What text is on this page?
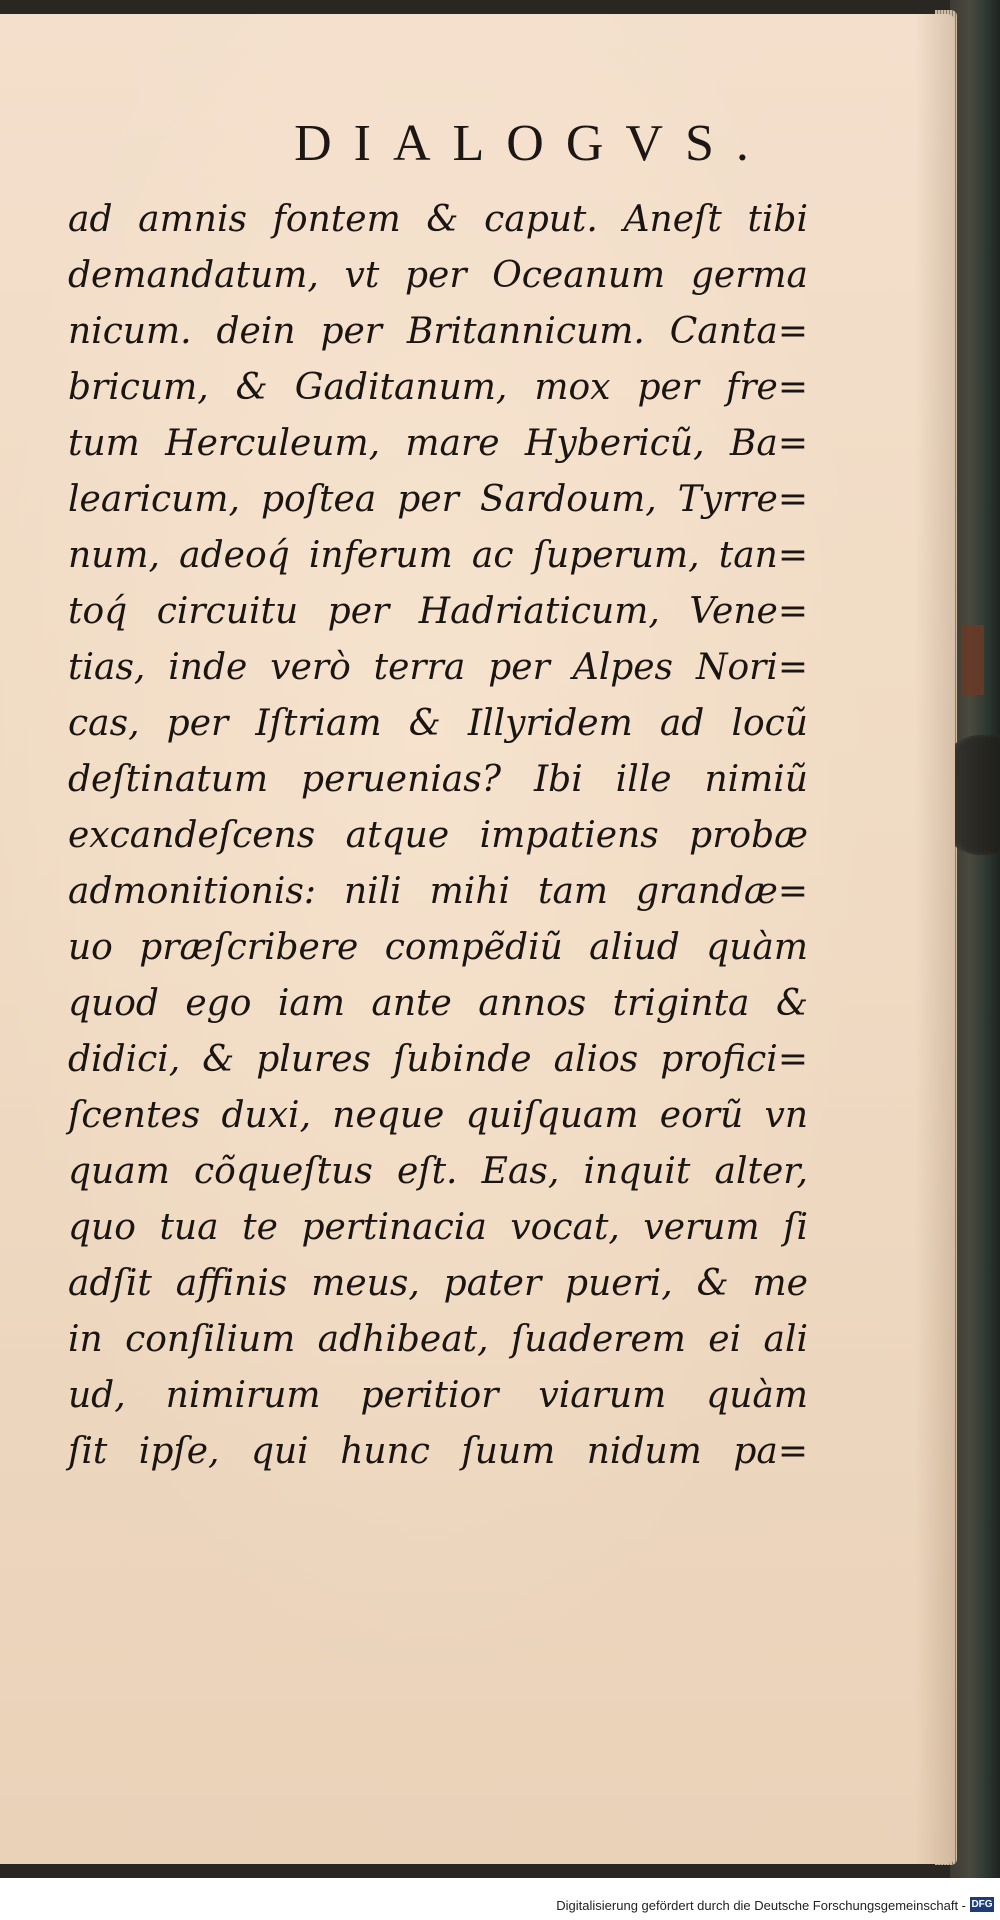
DIALOGVS.
ad amnis fontem & caput. Aneſt tibi
demandatum, vt per Oceanum germa
nicum. dein per Britannicum. Canta=
bricum, & Gaditanum, mox per fre=
tum Herculeum, mare Hybericũ, Ba=
learicum, poſtea per Sardoum, Tyrre=
num, adeoq́ inferum ac ſuperum, tan=
toq́ circuitu per Hadriaticum, Vene=
tias, inde verò terra per Alpes Nori=
cas, per Iſtriam & Illyridem ad locũ
deſtinatum peruenias? Ibi ille nimiũ
excandeſcens atque impatiens probæ
admonitionis: nili mihi tam grandæ=
uo præſcribere compẽdiũ aliud quàm
quod ego iam ante annos triginta &
didici, & plures ſubinde alios profici=
ſcentes duxi, neque quiſquam eorũ vn
quam cõqueſtus eſt. Eas, inquit alter,
quo tua te pertinacia vocat, verum ſi
adſit affinis meus, pater pueri, & me
in conſilium adhibeat, ſuaderem ei ali
ud, nimirum peritior viarum quàm
ſit ipſe, qui hunc ſuum nidum pa=
Digitalisierung gefördert durch die Deutsche Forschungsgemeinschaft - DFG
